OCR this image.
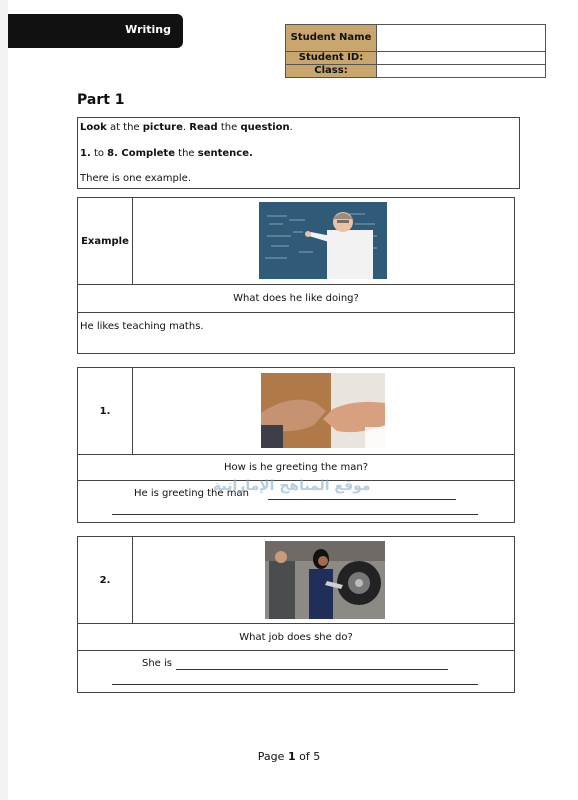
Writing
Student Name	
Student ID:	
Class:	
Part 1
Look at the picture. Read the question.
1. to 8. Complete the sentence.
There is one example.
Example
What does he like doing?
He likes teaching maths.
1.
How is he greeting the man?
He is greeting the man
موقع المناهج الإماراتية
2.
What job does she do?
She is
Page 1 of 5
